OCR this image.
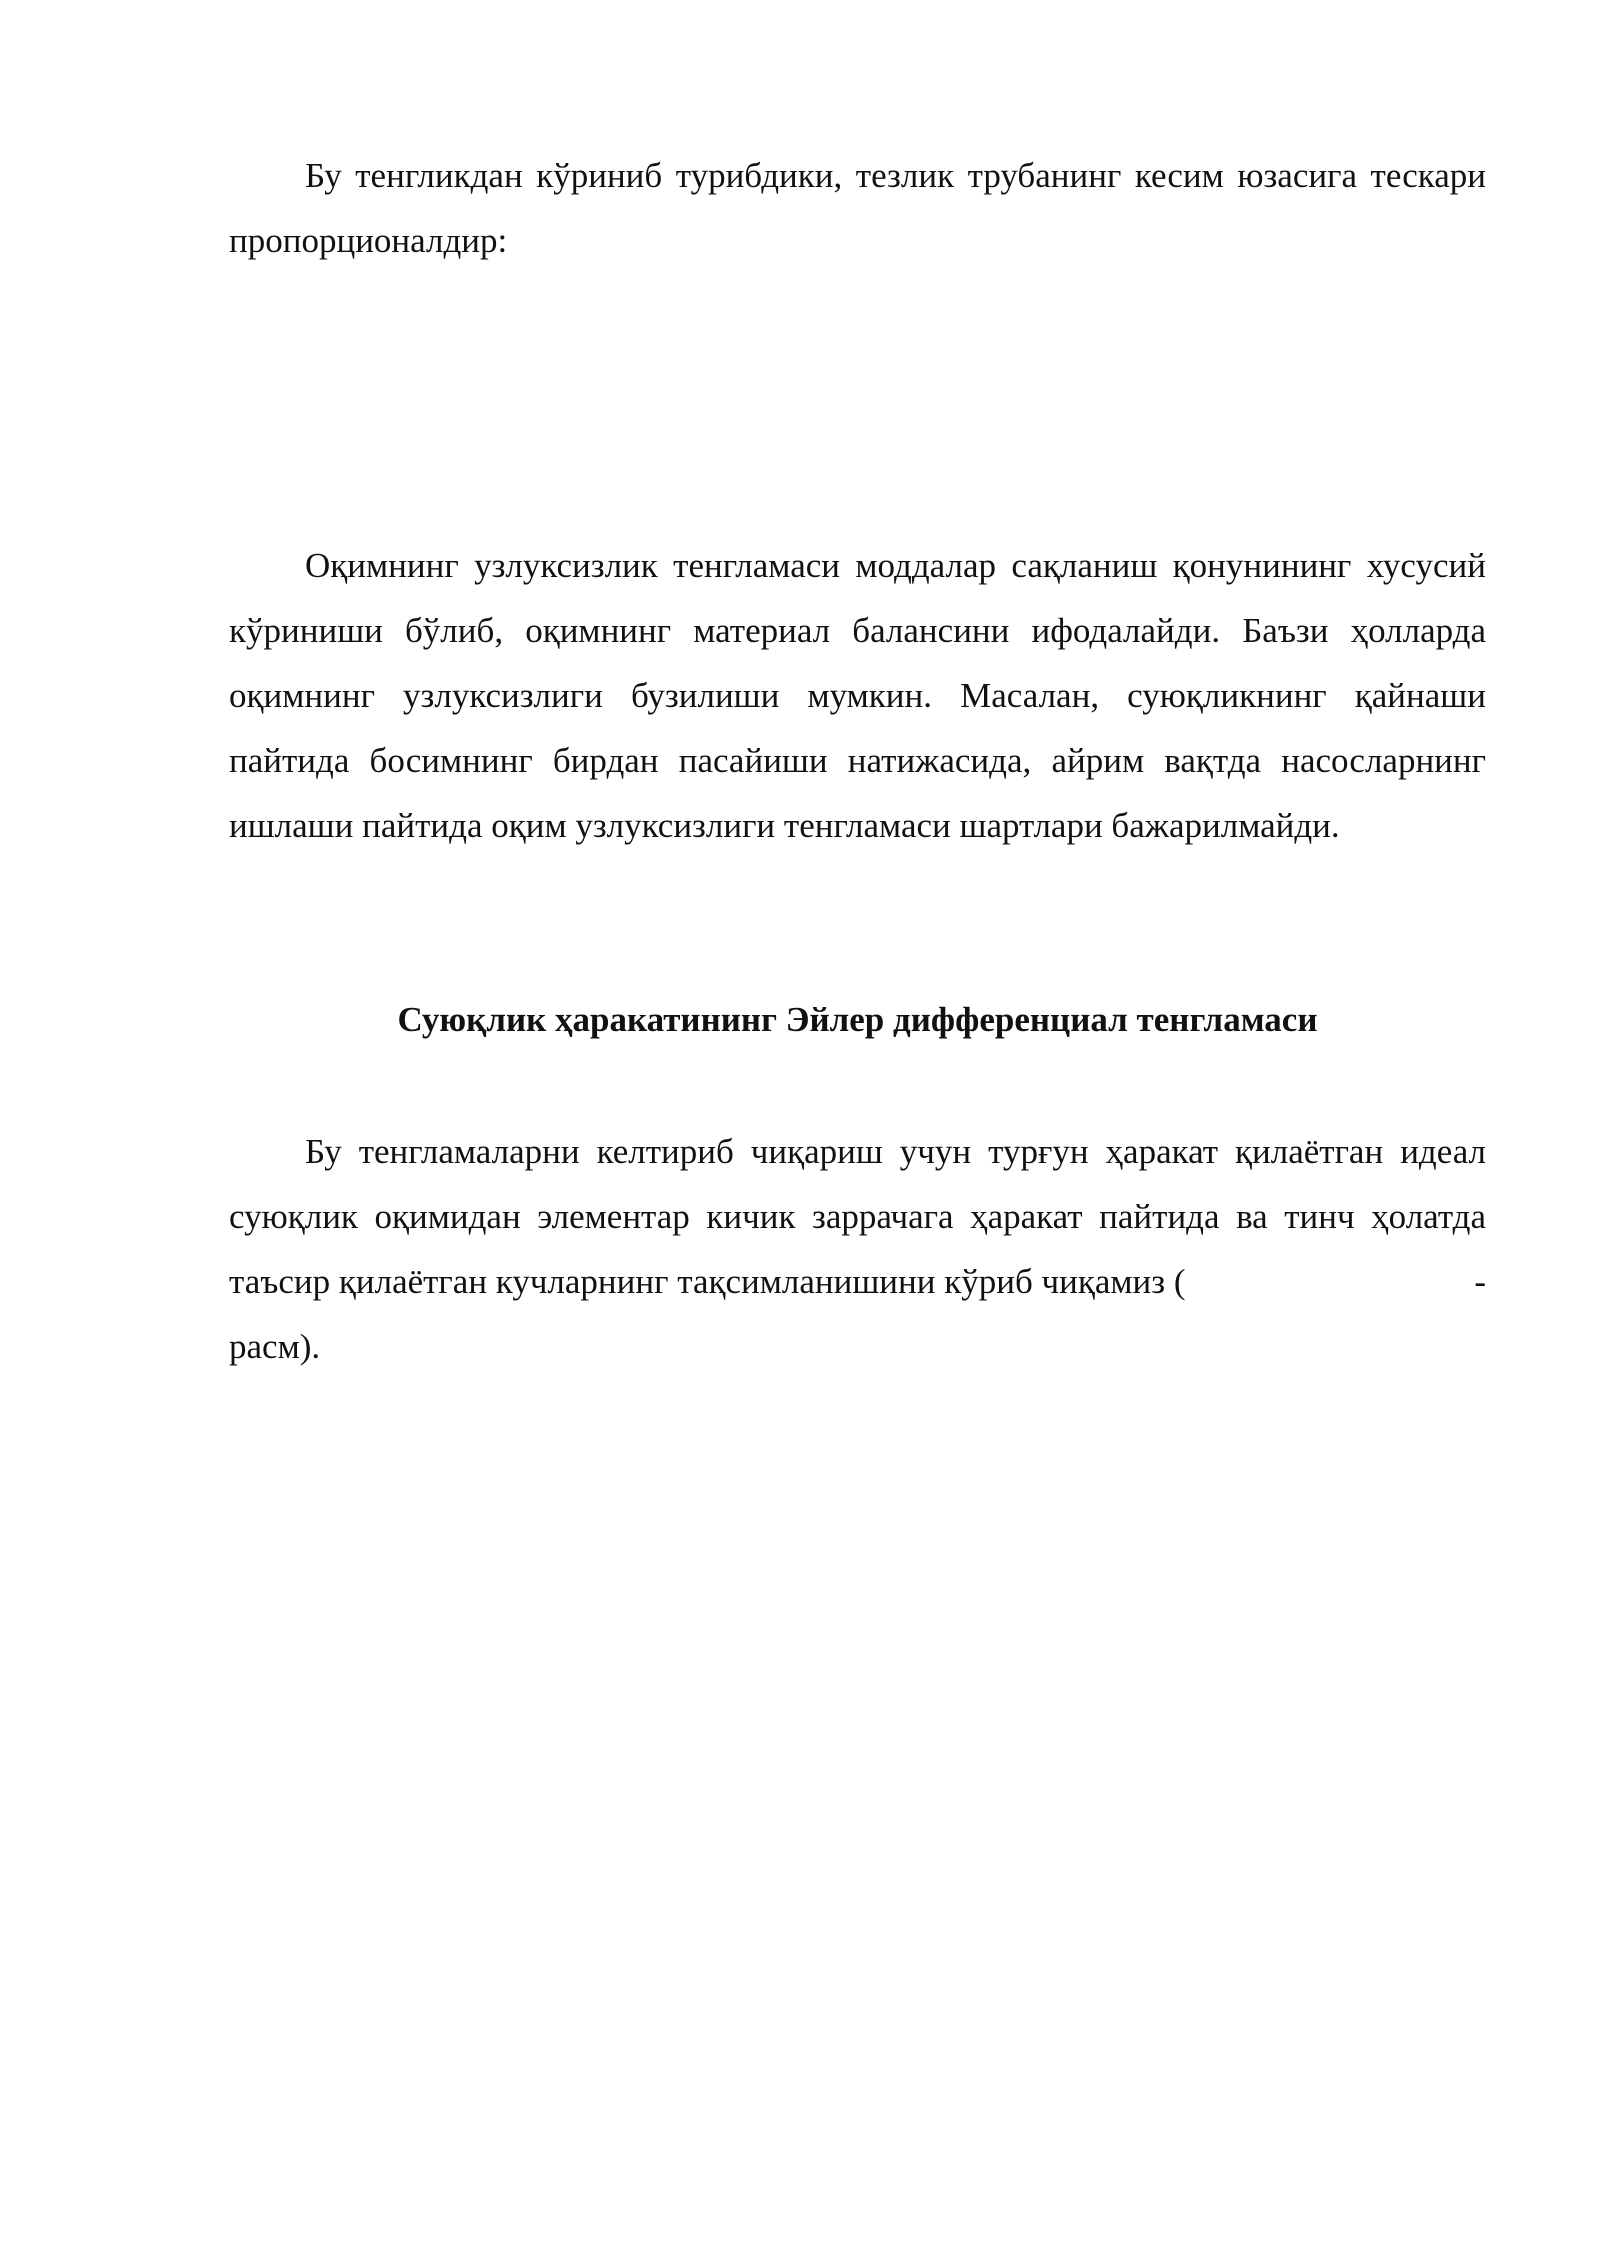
Бу тенгликдан кўриниб турибдики, тезлик трубанинг кесим юзасига тескари пропорционалдир:

Оқимнинг узлуксизлик тенгламаси моддалар сақланиш қонунининг хусусий кўриниши бўлиб, оқимнинг материал балансини ифодалайди. Баъзи ҳолларда оқимнинг узлуксизлиги бузилиши мумкин. Масалан, суюқликнинг қайнаши пайтида босимнинг бирдан пасайиши натижасида, айрим вақтда насосларнинг ишлаши пайтида оқим узлуксизлиги тенгламаси шартлари бажарилмайди.

Суюқлик ҳаракатининг Эйлер дифференциал тенгламаси

Бу тенгламаларни келтириб чиқариш учун турғун ҳаракат қилаётган идеал суюқлик оқимидан элементар кичик заррачага ҳаракат пайтида ва тинч ҳолатда таъсир қилаётган кучларнинг тақсимланишини кўриб чиқамиз (	-

расм).
